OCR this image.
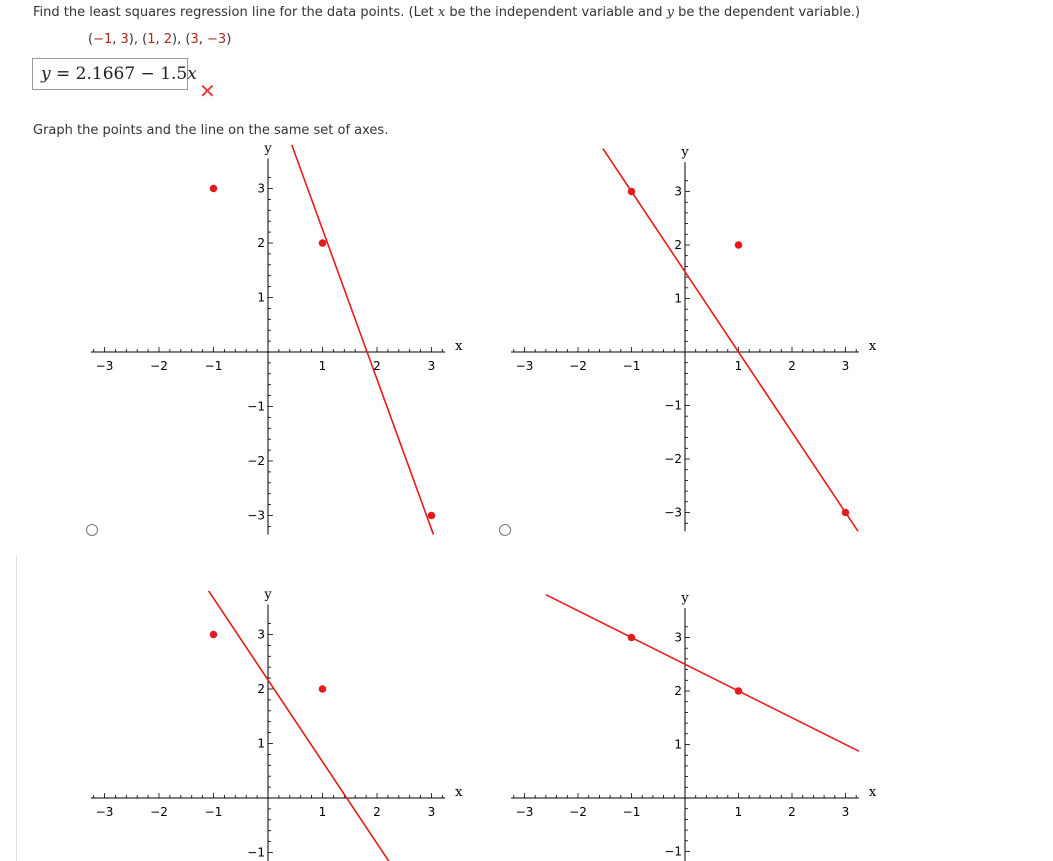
Find the least squares regression line for the data points. (Let x be the independent variable and y be the dependent variable.)
(−1, 3), (1, 2), (3, −3)
y = 2.1667 − 1.5x
✕
Graph the points and the line on the same set of axes.
−3	−2	−1	1	2	3
3
2
1
−1
−2
−3
x
y
−3	−2	−1	1	2	3
3
2
1
−1
−2
−3
x
y
−3	−2	−1	1	2	3
3
2
1
−1
x
y
−3	−2	−1	1	2	3
3
2
1
−1
x
y
